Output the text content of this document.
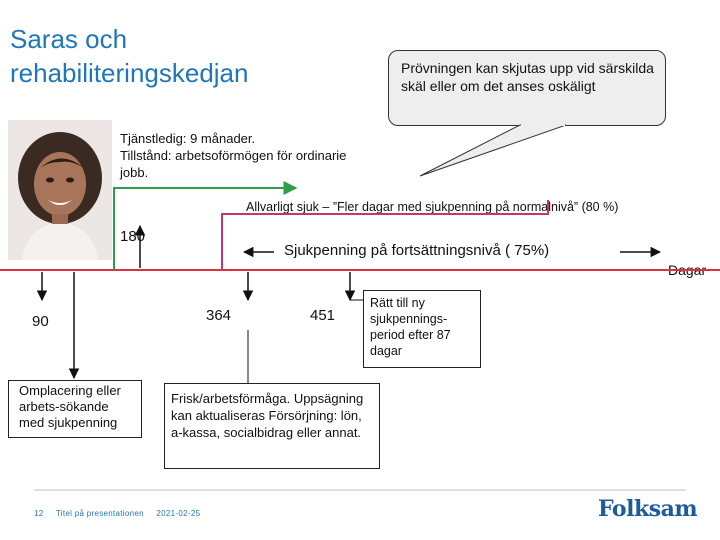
Saras och
rehabiliteringskedjan	Prövningen kan skjutas upp vid särskilda skäl eller om det anses oskäligt
Tjänstledig: 9 månader.
Tillstånd: arbetsoförmögen för ordinarie
jobb.
Allvarligt sjuk – ”Fler dagar med sjukpenning på normalnivå” (80 %)
Sjukpenning på fortsättningsnivå ( 75%)
Dagar
180
90	364	451
Omplacering eller arbets-sökande med sjukpenning
Frisk/arbetsförmåga. Uppsägning kan aktualiseras Försörjning: lön, a-kassa, socialbidrag eller annat.
Rätt till ny sjukpennings-period efter 87 dagar
12 Titel på presentationen 2021-02-25	Folksam
